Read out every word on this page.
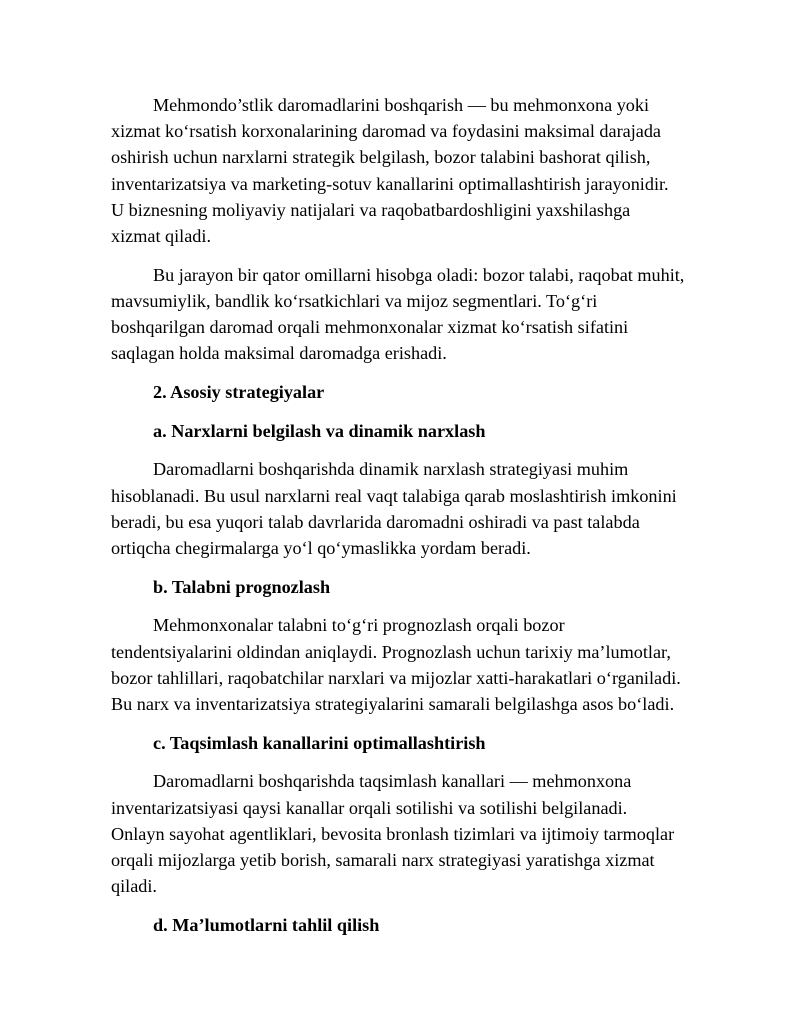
Mehmondo’stlik daromadlarini boshqarish — bu mehmonxona yoki
xizmat ko‘rsatish korxonalarining daromad va foydasini maksimal darajada
oshirish uchun narxlarni strategik belgilash, bozor talabini bashorat qilish,
inventarizatsiya va marketing-sotuv kanallarini optimallashtirish jarayonidir.
U biznesning moliyaviy natijalari va raqobatbardoshligini yaxshilashga
xizmat qiladi.

Bu jarayon bir qator omillarni hisobga oladi: bozor talabi, raqobat muhit,
mavsumiylik, bandlik ko‘rsatkichlari va mijoz segmentlari. To‘g‘ri
boshqarilgan daromad orqali mehmonxonalar xizmat ko‘rsatish sifatini
saqlagan holda maksimal daromadga erishadi.

2. Asosiy strategiyalar

a. Narxlarni belgilash va dinamik narxlash

Daromadlarni boshqarishda dinamik narxlash strategiyasi muhim
hisoblanadi. Bu usul narxlarni real vaqt talabiga qarab moslashtirish imkonini
beradi, bu esa yuqori talab davrlarida daromadni oshiradi va past talabda
ortiqcha chegirmalarga yo‘l qo‘ymaslikka yordam beradi.

b. Talabni prognozlash

Mehmonxonalar talabni to‘g‘ri prognozlash orqali bozor
tendentsiyalarini oldindan aniqlaydi. Prognozlash uchun tarixiy ma’lumotlar,
bozor tahlillari, raqobatchilar narxlari va mijozlar xatti-harakatlari o‘rganiladi.
Bu narx va inventarizatsiya strategiyalarini samarali belgilashga asos bo‘ladi.

c. Taqsimlash kanallarini optimallashtirish

Daromadlarni boshqarishda taqsimlash kanallari — mehmonxona
inventarizatsiyasi qaysi kanallar orqali sotilishi va sotilishi belgilanadi.
Onlayn sayohat agentliklari, bevosita bronlash tizimlari va ijtimoiy tarmoqlar
orqali mijozlarga yetib borish, samarali narx strategiyasi yaratishga xizmat
qiladi.

d. Ma’lumotlarni tahlil qilish
